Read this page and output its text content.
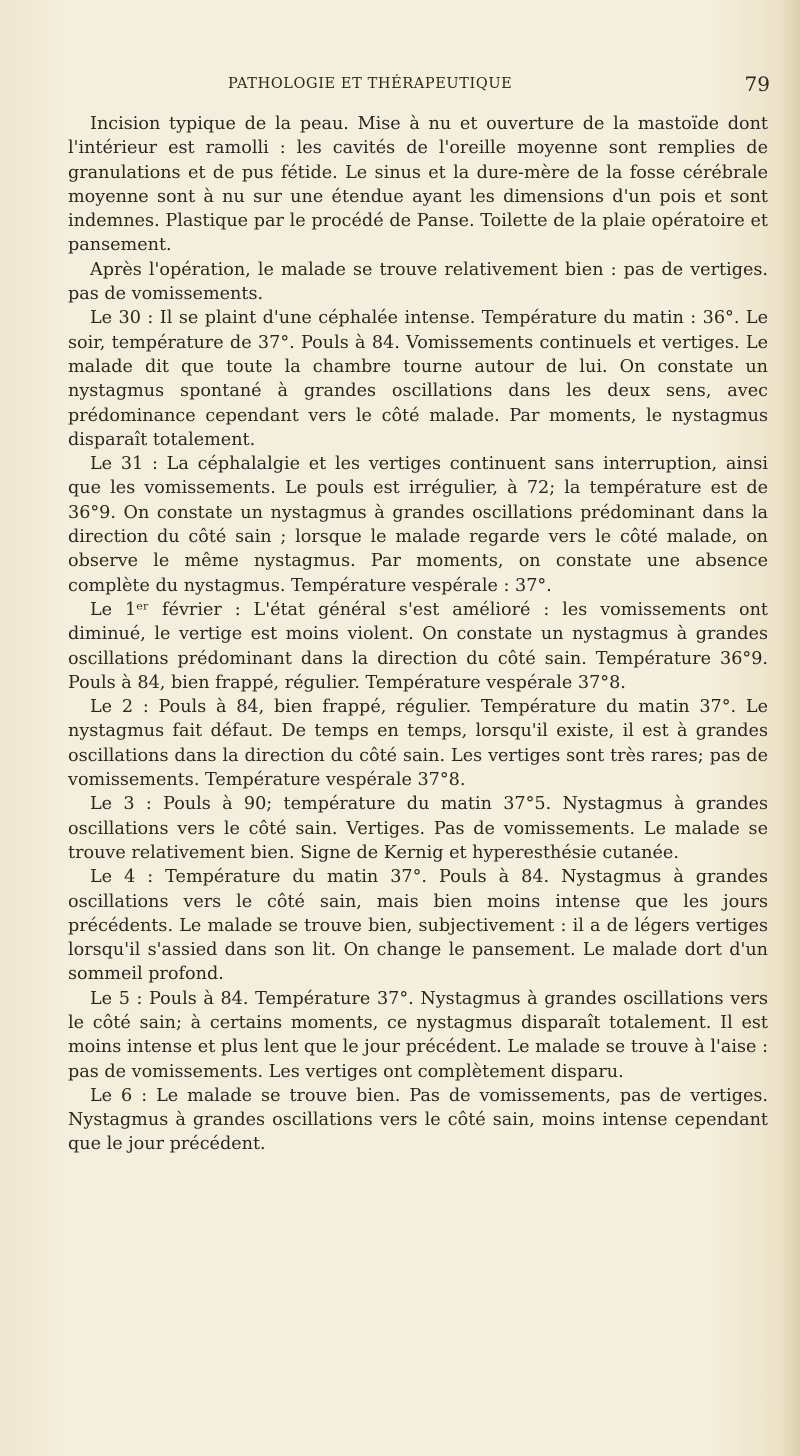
PATHOLOGIE ET THÉRAPEUTIQUE	79

Incision typique de la peau. Mise à nu et ouverture de la mastoïde dont l'intérieur est ramolli : les cavités de l'oreille moyenne sont remplies de granulations et de pus fétide. Le sinus et la dure-mère de la fosse cérébrale moyenne sont à nu sur une étendue ayant les dimensions d'un pois et sont indemnes. Plastique par le procédé de Panse. Toilette de la plaie opératoire et pansement.

Après l'opération, le malade se trouve relativement bien : pas de vertiges. pas de vomissements.

Le 30 : Il se plaint d'une céphalée intense. Température du matin : 36°. Le soir, température de 37°. Pouls à 84. Vomissements continuels et vertiges. Le malade dit que toute la chambre tourne autour de lui. On constate un nystagmus spontané à grandes oscillations dans les deux sens, avec prédominance cependant vers le côté malade. Par moments, le nystagmus disparaît totalement.

Le 31 : La céphalalgie et les vertiges continuent sans interruption, ainsi que les vomissements. Le pouls est irrégulier, à 72; la température est de 36°9. On constate un nystagmus à grandes oscillations prédominant dans la direction du côté sain ; lorsque le malade regarde vers le côté malade, on observe le même nystagmus. Par moments, on constate une absence complète du nystagmus. Température vespérale : 37°.

Le 1ᵉʳ février : L'état général s'est amélioré : les vomissements ont diminué, le vertige est moins violent. On constate un nystagmus à grandes oscillations prédominant dans la direction du côté sain. Température 36°9. Pouls à 84, bien frappé, régulier. Température vespérale 37°8.

Le 2 : Pouls à 84, bien frappé, régulier. Température du matin 37°. Le nystagmus fait défaut. De temps en temps, lorsqu'il existe, il est à grandes oscillations dans la direction du côté sain. Les vertiges sont très rares; pas de vomissements. Température vespérale 37°8.

Le 3 : Pouls à 90; température du matin 37°5. Nystagmus à grandes oscillations vers le côté sain. Vertiges. Pas de vomissements. Le malade se trouve relativement bien. Signe de Kernig et hyperesthésie cutanée.

Le 4 : Température du matin 37°. Pouls à 84. Nystagmus à grandes oscillations vers le côté sain, mais bien moins intense que les jours précédents. Le malade se trouve bien, subjectivement : il a de légers vertiges lorsqu'il s'assied dans son lit. On change le pansement. Le malade dort d'un sommeil profond.

Le 5 : Pouls à 84. Température 37°. Nystagmus à grandes oscillations vers le côté sain; à certains moments, ce nystagmus disparaît totalement. Il est moins intense et plus lent que le jour précédent. Le malade se trouve à l'aise : pas de vomissements. Les vertiges ont complètement disparu.

Le 6 : Le malade se trouve bien. Pas de vomissements, pas de vertiges. Nystagmus à grandes oscillations vers le côté sain, moins intense cependant que le jour précédent.
